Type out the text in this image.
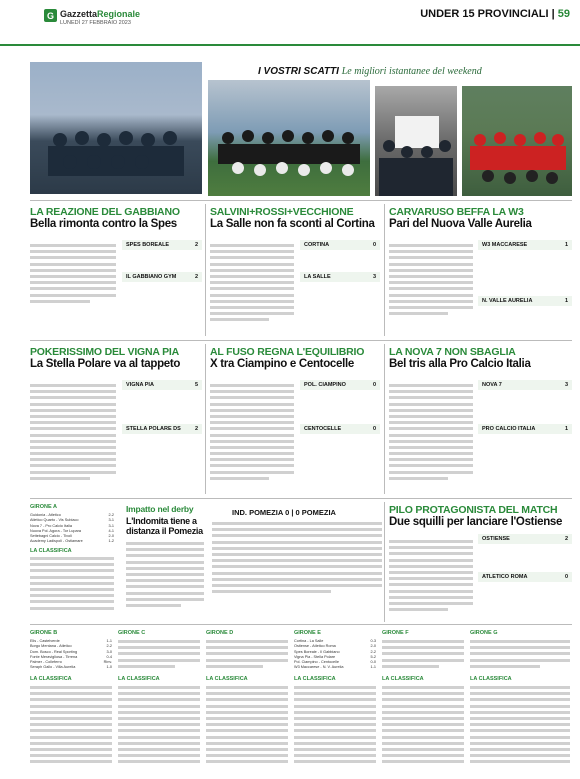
G GazzettaRegionale
LUNEDÌ 27 FEBBRAIO 2023
UNDER 15 PROVINCIALI | 59
I VOSTRI SCATTI Le migliori istantanee del weekend
LA REAZIONE DEL GABBIANO
Bella rimonta contro la Spes
SPES BOREALE	2
IL GABBIANO GYM	2
SALVINI+ROSSI+VECCHIONE
La Salle non fa sconti al Cortina
CORTINA	0
LA SALLE	3
CARVARUSO BEFFA LA W3
Pari del Nuova Valle Aurelia
W3 MACCARESE	1
N. VALLE AURELIA	1
POKERISSIMO DEL VIGNA PIA
La Stella Polare va al tappeto
VIGNA PIA	5
STELLA POLARE DS	2
AL FUSO REGNA L'EQUILIBRIO
X tra Ciampino e Centocelle
POL. CIAMPINO	0
CENTOCELLE	0
LA NOVA 7 NON SBAGLIA
Bel tris alla Pro Calcio Italia
NOVA 7	3
PRO CALCIO ITALIA	1
GIRONE A
Guidonia - Atletico	2-2
Atletico Quarto - Vis Subiaco	3-1
Nova 7 - Pro Calcio Italia	3-1
Nuova Pol. Agora - Tor Lupara	4-1
Settebagni Calcio - Tivoli	2-0
Academy Ladispoli - Ostiamare	1-2
LA CLASSIFICA
Impatto nel derby
L'Indomita tiene a distanza il Pomezia
IND. POMEZIA 0 | 0 POMEZIA	PILO PROTAGONISTA DEL MATCH
Due squilli per lanciare l'Ostiense
OSTIENSE	2
ATLETICO ROMA	0
GIRONE B
Elis - Castelverde	1-1
Borgo Mentana - Atletico	2-2
Dom. Bosco - Real Sporting	3-0
Fonte Meravigliosa - Tirrena	0-4
Palmer - Colleferro	Rinv.
Seraph Gallo - Villa Aurelia	1-0
GIRONE C	GIRONE D	GIRONE E
Cortina - La Salle	0-3
Ostiense - Atletico Roma	2-0
Spes Boreale - Il Gabbiano	2-2
Vigna Pia - Stella Polare	5-2
Pol. Ciampino - Centocelle	0-0
W3 Maccarese - N. V. Aurelia	1-1
GIRONE F	GIRONE G
LA CLASSIFICA	LA CLASSIFICA	LA CLASSIFICA	LA CLASSIFICA	LA CLASSIFICA	LA CLASSIFICA
